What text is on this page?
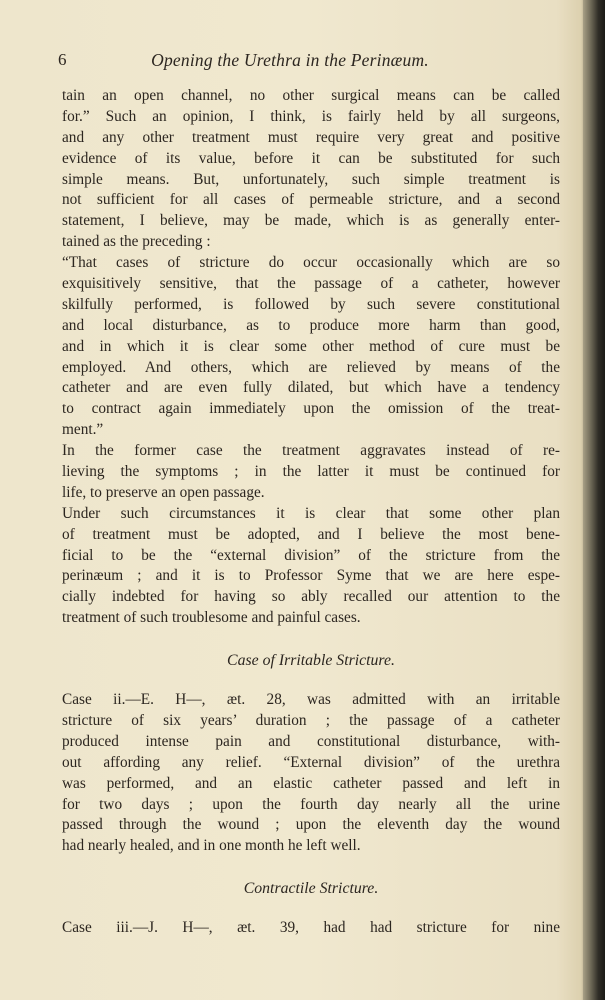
6	Opening the Urethra in the Perinæum.
tain an open channel, no other surgical means can be called
for.” Such an opinion, I think, is fairly held by all surgeons,
and any other treatment must require very great and positive
evidence of its value, before it can be substituted for such
simple means. But, unfortunately, such simple treatment is
not sufficient for all cases of permeable stricture, and a second
statement, I believe, may be made, which is as generally enter-
tained as the preceding :
“That cases of stricture do occur occasionally which are so
exquisitively sensitive, that the passage of a catheter, however
skilfully performed, is followed by such severe constitutional
and local disturbance, as to produce more harm than good,
and in which it is clear some other method of cure must be
employed. And others, which are relieved by means of the
catheter and are even fully dilated, but which have a tendency
to contract again immediately upon the omission of the treat-
ment.”
In the former case the treatment aggravates instead of re-
lieving the symptoms ; in the latter it must be continued for
life, to preserve an open passage.
Under such circumstances it is clear that some other plan
of treatment must be adopted, and I believe the most bene-
ficial to be the “external division” of the stricture from the
perinæum ; and it is to Professor Syme that we are here espe-
cially indebted for having so ably recalled our attention to the
treatment of such troublesome and painful cases.
Case of Irritable Stricture.
Case ii.—E. H—, æt. 28, was admitted with an irritable
stricture of six years’ duration ; the passage of a catheter
produced intense pain and constitutional disturbance, with-
out affording any relief. “External division” of the urethra
was performed, and an elastic catheter passed and left in
for two days ; upon the fourth day nearly all the urine
passed through the wound ; upon the eleventh day the wound
had nearly healed, and in one month he left well.
Contractile Stricture.
Case iii.—J. H—, æt. 39, had had stricture for nine
